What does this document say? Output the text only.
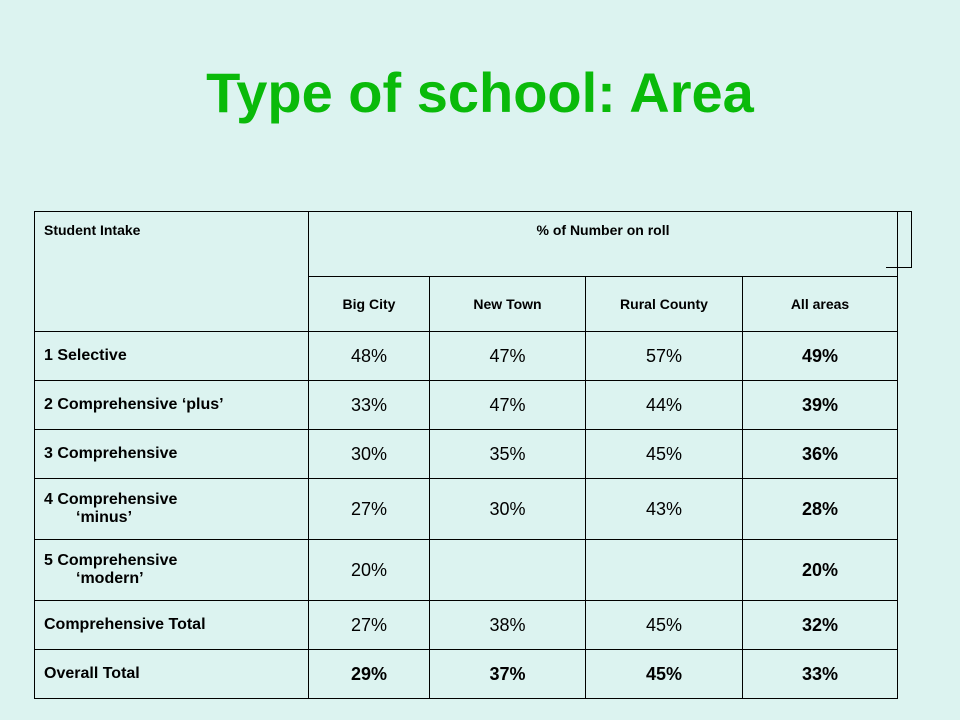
Type of school: Area
Student Intake	% of Number on roll			
	Big City	New Town	Rural County	All areas
1 Selective	48%	47%	57%	49%
2 Comprehensive ‘plus’	33%	47%	44%	39%
3 Comprehensive	30%	35%	45%	36%
4 Comprehensive
‘minus’	27%	30%	43%	28%
5 Comprehensive
‘modern’	20%			20%
Comprehensive Total	27%	38%	45%	32%
Overall Total	29%	37%	45%	33%
